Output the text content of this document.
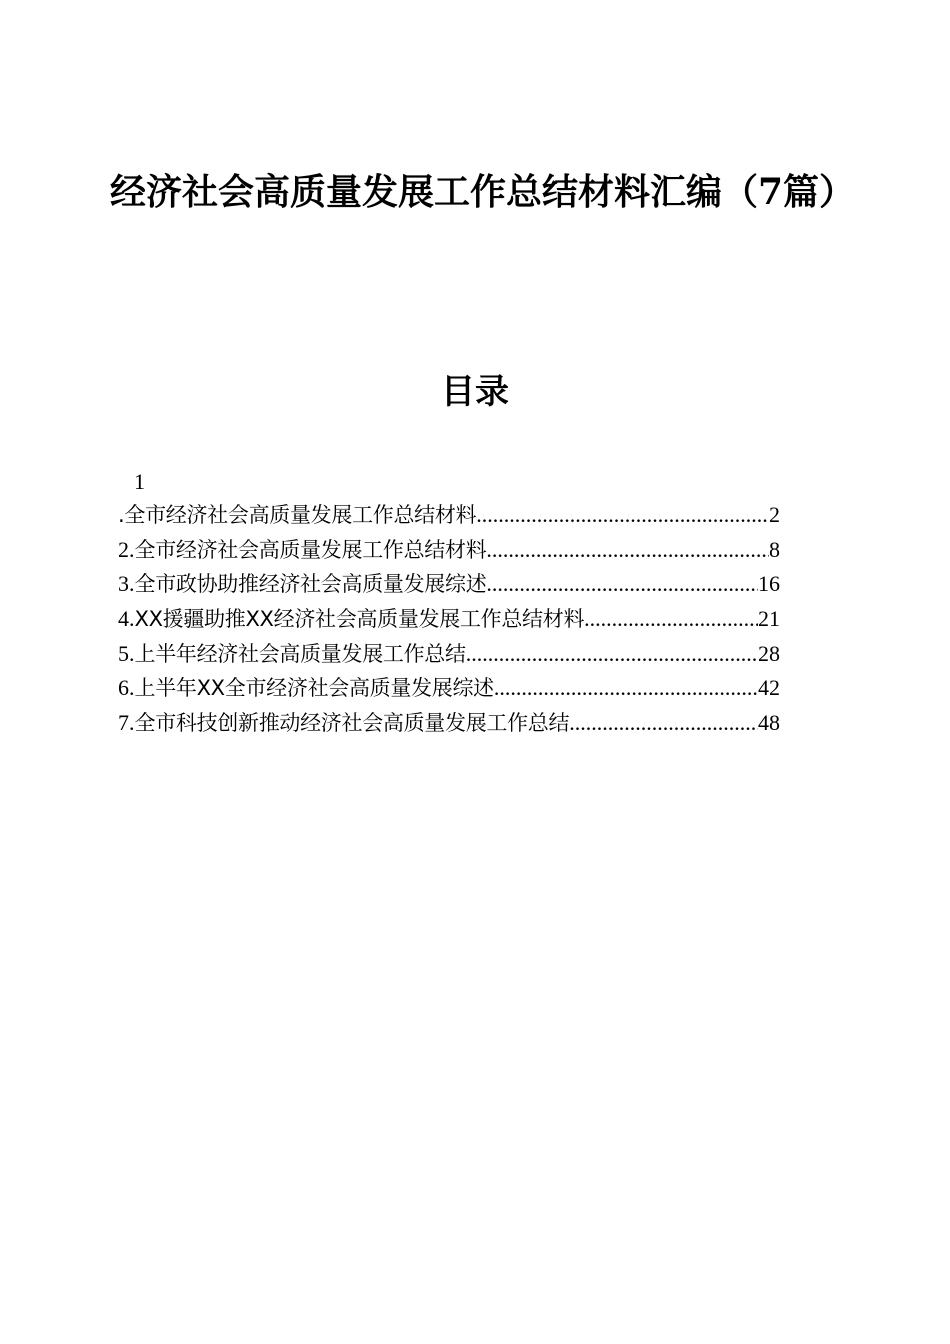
经济社会高质量发展工作总结材料汇编（7篇）
目录
1
.全市经济社会高质量发展工作总结材料 .....	2
2. 全市经济社会高质量发展工作总结材料 .....	8
3. 全市政协助推经济社会高质量发展综述 .....	16
4. XX援疆助推XX经济社会高质量发展工作总结材料 .....	21
5. 上半年经济社会高质量发展工作总结 .....	28
6. 上半年XX全市经济社会高质量发展综述 .....	42
7. 全市科技创新推动经济社会高质量发展工作总结 .....	48
